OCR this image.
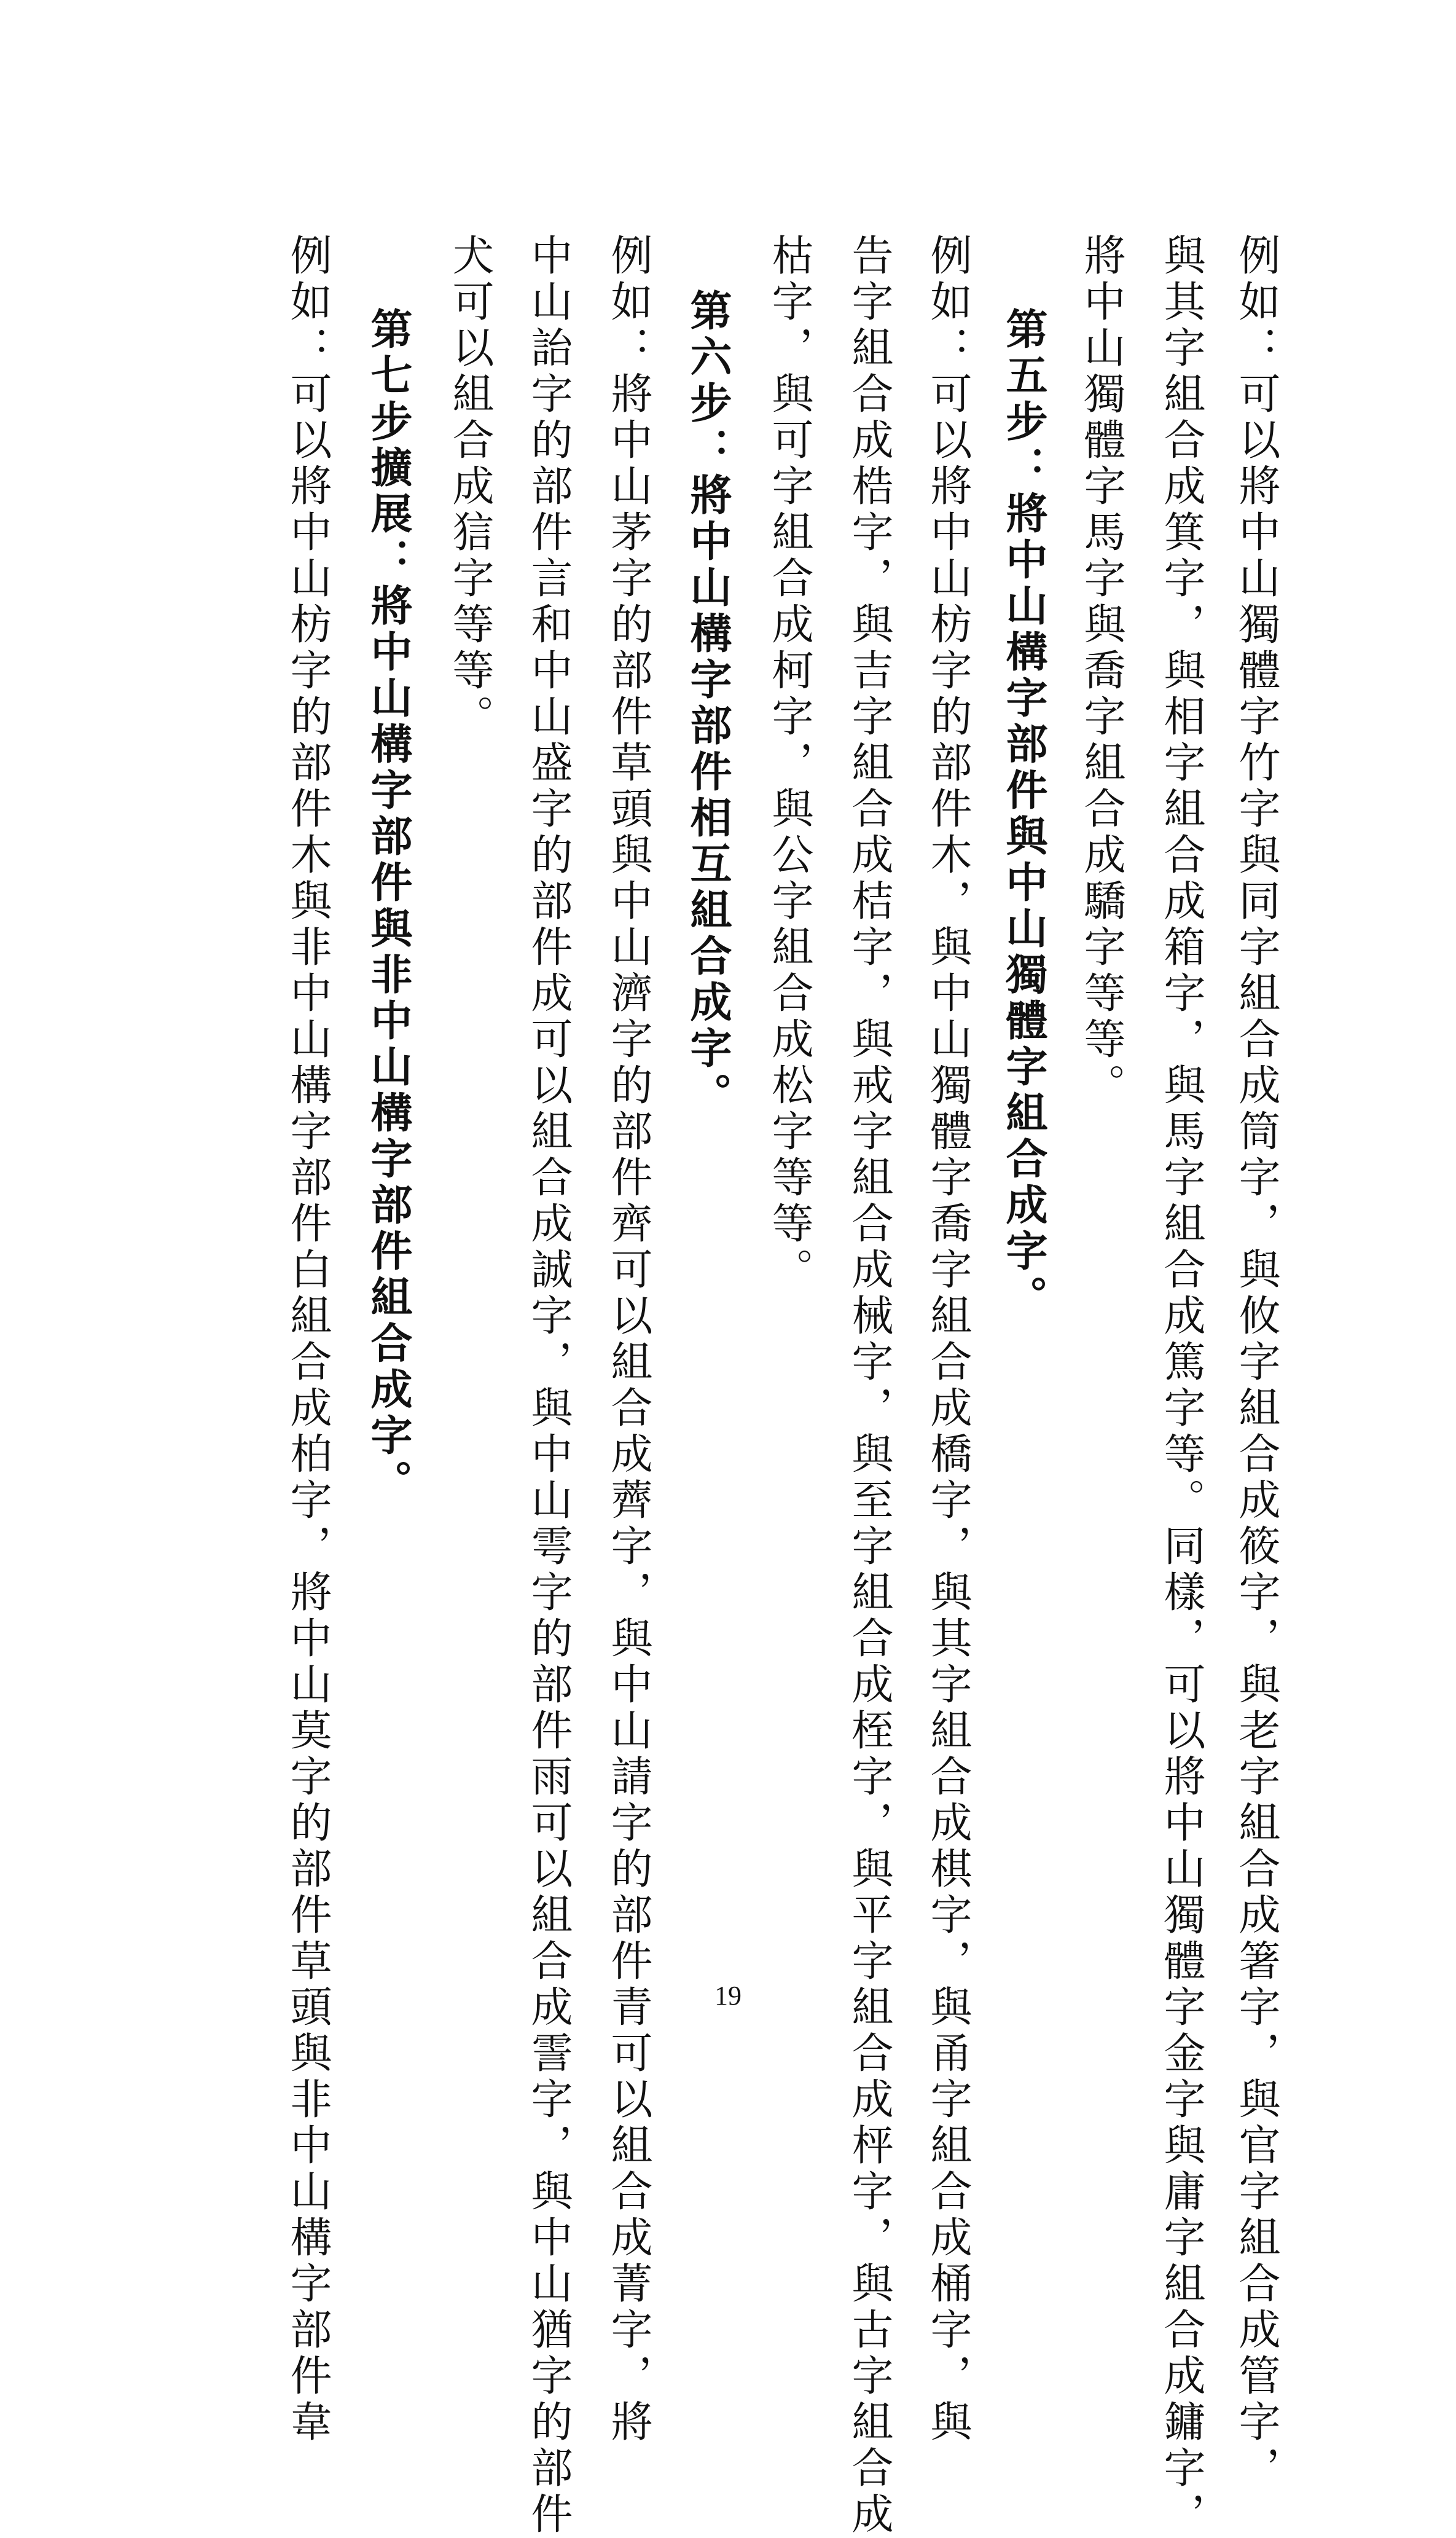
例如：可以將中山獨體字竹字與同字組合成筒字，與攸字組合成筱字，與老字組合成箸字，與官字組合成管字，

與其字組合成箕字，與相字組合成箱字，與馬字組合成篤字等。同樣，可以將中山獨體字金字與庸字組合成鏞字，

將中山獨體字馬字與喬字組合成驕字等等。

第五步：將中山構字部件與中山獨體字組合成字。

例如：可以將中山枋字的部件木，與中山獨體字喬字組合成橋字，與其字組合成棋字，與甬字組合成桶字，與

告字組合成梏字，與吉字組合成桔字，與戒字組合成械字，與至字組合成桎字，與平字組合成枰字，與古字組合成

枯字，與可字組合成柯字，與公字組合成松字等等。

第六步：將中山構字部件相互組合成字。

例如：將中山茅字的部件草頭與中山濟字的部件齊可以組合成薺字，與中山請字的部件青可以組合成菁字，將

中山詒字的部件言和中山盛字的部件成可以組合成誠字，與中山雩字的部件雨可以組合成霅字，與中山猶字的部件

犬可以組合成狺字等等。

第七步擴展：將中山構字部件與非中山構字部件組合成字。

例如：可以將中山枋字的部件木與非中山構字部件白組合成柏字，將中山莫字的部件草頭與非中山構字部件韋	19
